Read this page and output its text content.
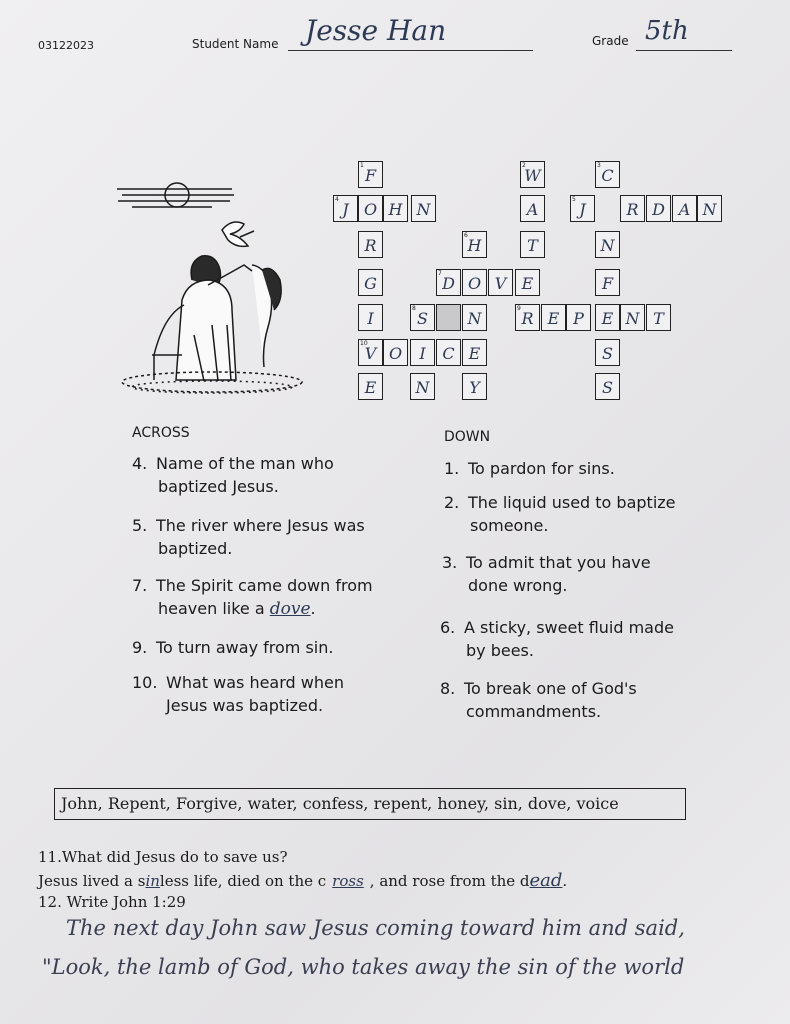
03122023	Student Name Jesse Han	Grade 5th
1
F
O
R
G
I
10
V
E
4
J	H N
O	I	C E
N
8
S
6
H
O
N
Y
7
D	V
2
W
A
T
E
9
R E P	N T
3
C
5
J	R D A N
N
F
E
S
S
ACROSS
4. Name of the man who
baptized Jesus.
5. The river where Jesus was
baptized.
7. The Spirit came down from
heaven like a dove.
9. To turn away from sin.
10. What was heard when
Jesus was baptized.
DOWN
1. To pardon for sins.
2. The liquid used to baptize
someone.
3. To admit that you have
done wrong.
6. A sticky, sweet fluid made
by bees.
8. To break one of God's
commandments.
John, Repent, Forgive, water, confess, repent, honey, sin, dove, voice
11.What did Jesus do to save us?
Jesus lived a sinless life, died on the c ross , and rose from the dead.
12. Write John 1:29
The next day John saw Jesus coming toward him and said,
"Look, the lamb of God, who takes away the sin of the world
